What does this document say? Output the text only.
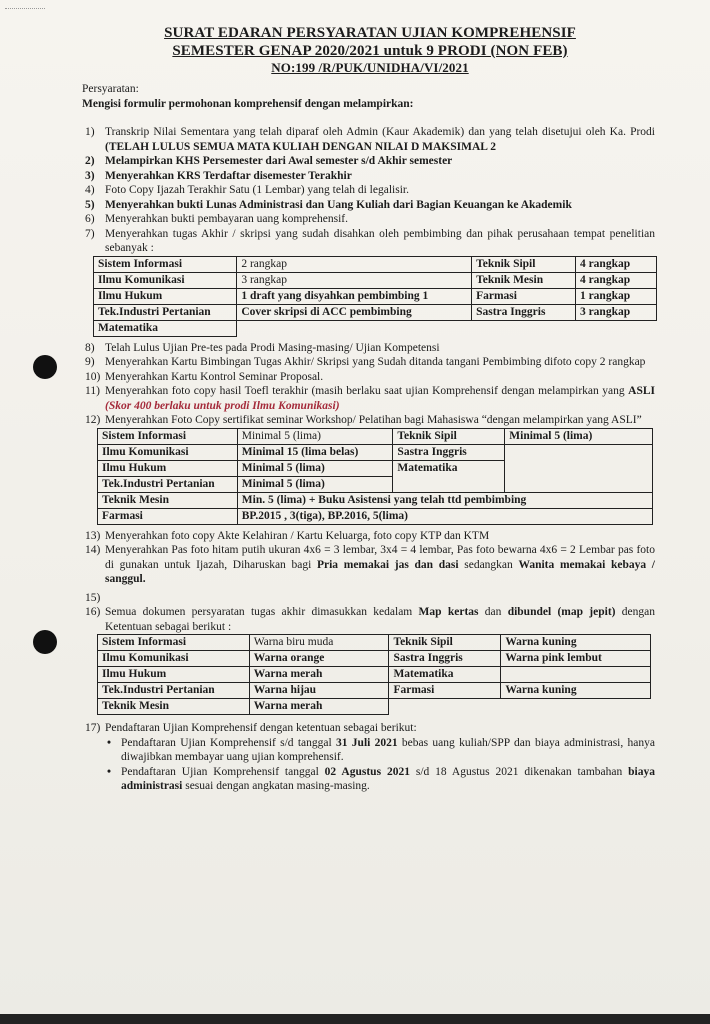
SURAT EDARAN PERSYARATAN UJIAN KOMPREHENSIF
SEMESTER GENAP 2020/2021 untuk 9 PRODI (NON FEB)
NO:199 /R/PUK/UNIDHA/VI/2021
Persyaratan:
Mengisi formulir permohonan komprehensif dengan melampirkan:
1) Transkrip Nilai Sementara yang telah diparaf oleh Admin (Kaur Akademik) dan yang telah disetujui oleh Ka. Prodi (TELAH LULUS SEMUA MATA KULIAH DENGAN NILAI D MAKSIMAL 2
2) Melampirkan KHS Persemester dari Awal semester s/d Akhir semester
3) Menyerahkan KRS Terdaftar disemester Terakhir
4) Foto Copy Ijazah Terakhir Satu (1 Lembar) yang telah di legalisir.
5) Menyerahkan bukti Lunas Administrasi dan Uang Kuliah dari Bagian Keuangan ke Akademik
6) Menyerahkan bukti pembayaran uang komprehensif.
7) Menyerahkan tugas Akhir / skripsi yang sudah disahkan oleh pembimbing dan pihak perusahaan tempat penelitian sebanyak :
Sistem Informasi	2 rangkap	Teknik Sipil	4 rangkap
Ilmu Komunikasi	3 rangkap	Teknik Mesin	4 rangkap
Ilmu Hukum	1 draft yang disyahkan pembimbing 1	Farmasi	1 rangkap
Tek.Industri Pertanian	Cover skripsi di ACC pembimbing	Sastra Inggris	3 rangkap
Matematika			
8) Telah Lulus Ujian Pre-tes pada Prodi Masing-masing/ Ujian Kompetensi
9) Menyerahkan Kartu Bimbingan Tugas Akhir/ Skripsi yang Sudah ditanda tangani Pembimbing difoto copy 2 rangkap
10) Menyerahkan Kartu Kontrol Seminar Proposal.
11) Menyerahkan foto copy hasil Toefl terakhir (masih berlaku saat ujian Komprehensif dengan melampirkan yang ASLI (Skor 400 berlaku untuk prodi Ilmu Komunikasi)
12) Menyerahkan Foto Copy sertifikat seminar Workshop/ Pelatihan bagi Mahasiswa “dengan melampirkan yang ASLI”
Sistem Informasi	Minimal 5 (lima)	Teknik Sipil	Minimal 5 (lima)
Ilmu Komunikasi	Minimal 15 (lima belas)	Sastra Inggris	
Ilmu Hukum	Minimal 5 (lima)	Matematika	
Tek.Industri Pertanian	Minimal 5 (lima)		
Teknik Mesin	Min. 5 (lima) + Buku Asistensi yang telah ttd pembimbing		
Farmasi	BP.2015 , 3(tiga), BP.2016, 5(lima)		
13) Menyerahkan foto copy Akte Kelahiran / Kartu Keluarga, foto copy KTP dan KTM
14) Menyerahkan Pas foto hitam putih ukuran 4x6 = 3 lembar, 3x4 = 4 lembar, Pas foto bewarna 4x6 = 2 Lembar pas foto di gunakan untuk Ijazah, Diharuskan bagi Pria memakai jas dan dasi sedangkan Wanita memakai kebaya / sanggul.
15)
16) Semua dokumen persyaratan tugas akhir dimasukkan kedalam Map kertas dan dibundel (map jepit) dengan Ketentuan sebagai berikut :
Sistem Informasi	Warna biru muda	Teknik Sipil	Warna kuning
Ilmu Komunikasi	Warna orange	Sastra Inggris	Warna pink lembut
Ilmu Hukum	Warna merah	Matematika	
Tek.Industri Pertanian	Warna hijau	Farmasi	Warna kuning
Teknik Mesin	Warna merah		
17) Pendaftaran Ujian Komprehensif dengan ketentuan sebagai berikut:
• Pendaftaran Ujian Komprehensif s/d tanggal 31 Juli 2021 bebas uang kuliah/SPP dan biaya administrasi, hanya diwajibkan membayar uang ujian komprehensif.
• Pendaftaran Ujian Komprehensif tanggal 02 Agustus 2021 s/d 18 Agustus 2021 dikenakan tambahan biaya administrasi sesuai dengan angkatan masing-masing.
